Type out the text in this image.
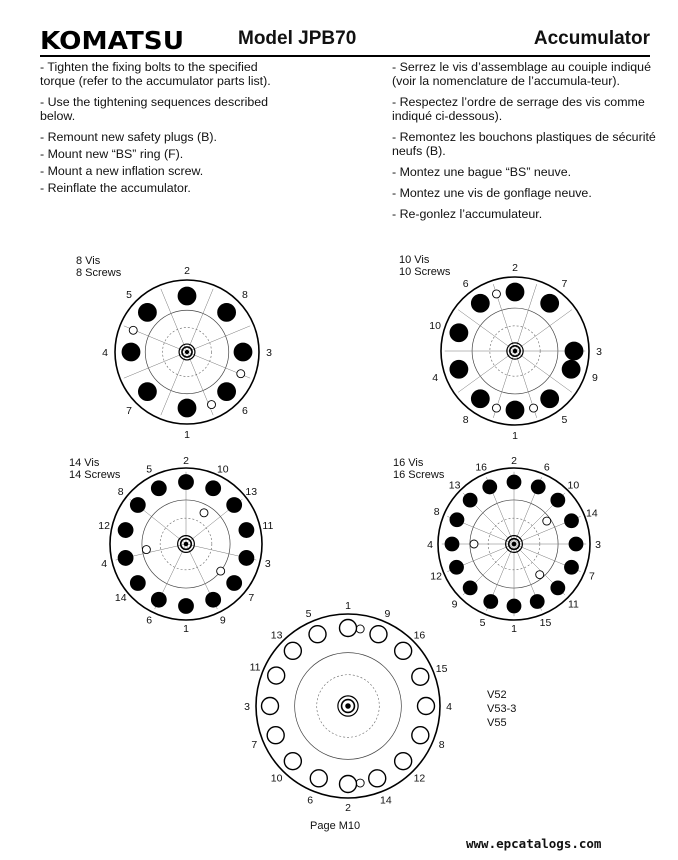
KOMATSU	Model JPB70	Accumulator

- Tighten the fixing bolts to the specified torque (refer to the accumulator parts list).

- Use the tightening sequences described below.

- Remount new safety plugs (B).

- Mount new “BS” ring (F).

- Mount a new inflation screw.

- Reinflate the accumulator.

- Serrez le vis d’assemblage au couiple indiqué (voir la nomenclature de l’accumula-teur).

- Respectez l’ordre de serrage des vis comme indiqué ci-dessous).

- Remontez les bouchons plastiques de sécurité neufs (B).

- Montez une bague “BS” neuve.

- Montez une vis de gonflage neuve.

- Re-gonlez l’accumulateur.

8 Vis
8 Screws
10 Vis
10 Screws
14 Vis
14 Screws
16 Vis
16 Screws
1
2
3
4
5
6
7
8
1
2
3
4
5
6	7
8
9
10
1
2
3
4
5
6
7
8
9
10
11
12
13
14
1
2
3
4
5
6
7
8
9
10
11
12
13
14
15
16
1
2
3	4
5
6
7	8
9
10
11
12
13
14
15
16
V52
V53-3
V55
Page M10
www.epcatalogs.com
